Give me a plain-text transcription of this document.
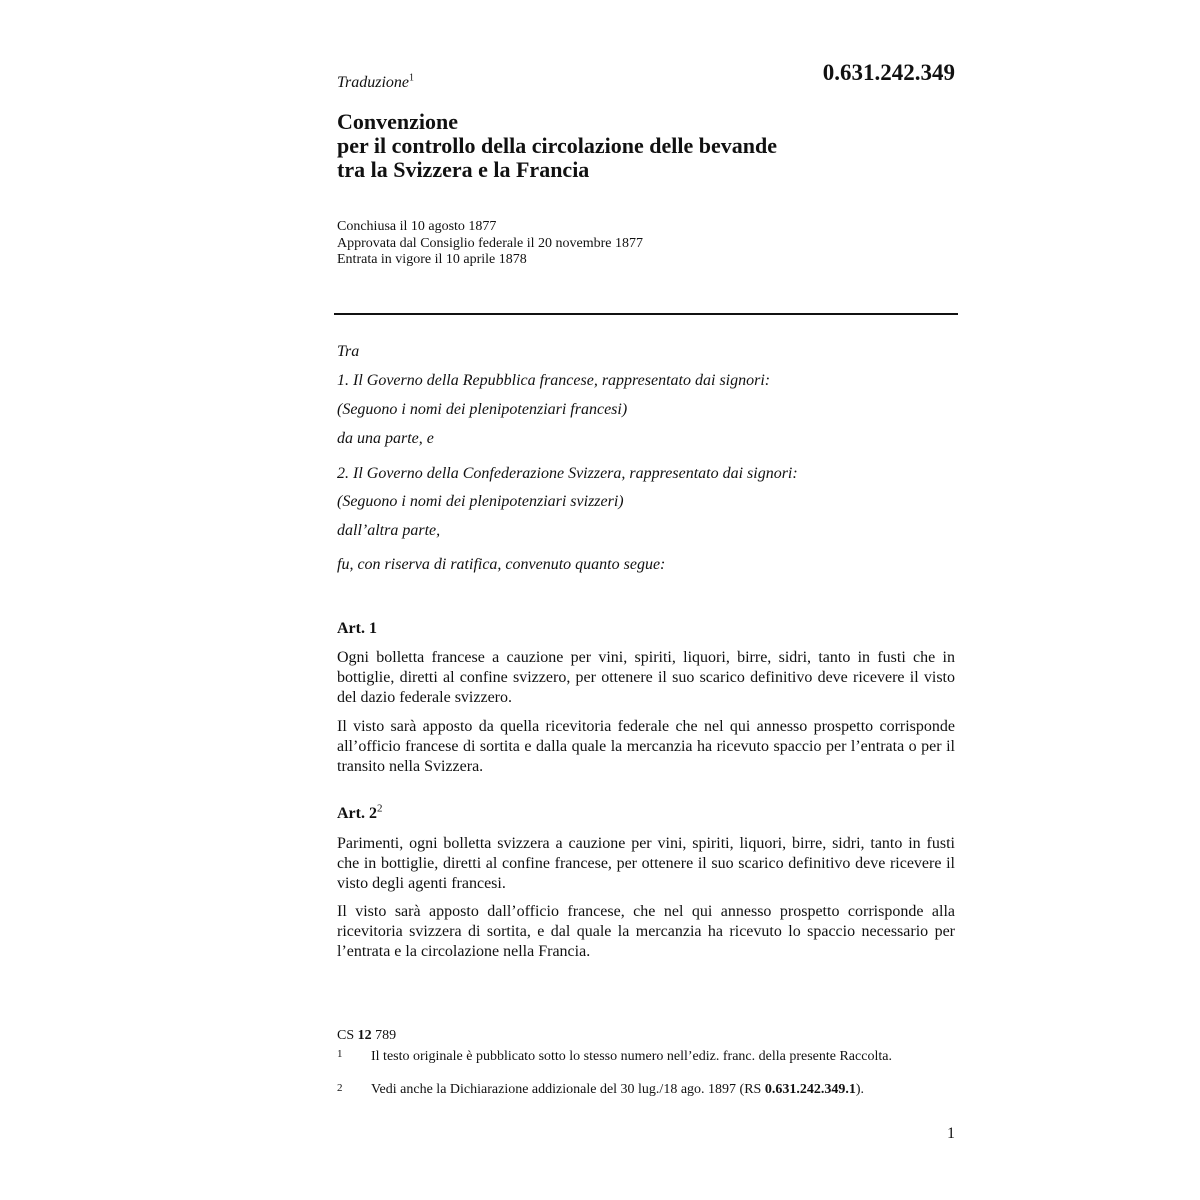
Traduzione$^1$	0.631.242.349
Convenzione
per il controllo della circolazione delle bevande
tra la Svizzera e la Francia
Conchiusa il 10 agosto 1877
Approvata dal Consiglio federale il 20 novembre 1877
Entrata in vigore il 10 aprile 1878
Tra
1. Il Governo della Repubblica francese, rappresentato dai signori:
(Seguono i nomi dei plenipotenziari francesi)
da una parte, e
2. Il Governo della Confederazione Svizzera, rappresentato dai signori:
(Seguono i nomi dei plenipotenziari svizzeri)
dall’altra parte,
fu, con riserva di ratifica, convenuto quanto segue:
Art. 1
Ogni bolletta francese a cauzione per vini, spiriti, liquori, birre, sidri, tanto in fusti che in bottiglie, diretti al confine svizzero, per ottenere il suo scarico definitivo deve ricevere il visto del dazio federale svizzero.
Il visto sarà apposto da quella ricevitoria federale che nel qui annesso prospetto corrisponde all’officio francese di sortita e dalla quale la mercanzia ha ricevuto spaccio per l’entrata o per il transito nella Svizzera.
Art. $2^2$
Parimenti, ogni bolletta svizzera a cauzione per vini, spiriti, liquori, birre, sidri, tanto in fusti che in bottiglie, diretti al confine francese, per ottenere il suo scarico definitivo deve ricevere il visto degli agenti francesi.
Il visto sarà apposto dall’officio francese, che nel qui annesso prospetto corrisponde alla ricevitoria svizzera di sortita, e dal quale la mercanzia ha ricevuto lo spaccio necessario per l’entrata e la circolazione nella Francia.
CS 12 789
1 Il testo originale è pubblicato sotto lo stesso numero nell’ediz. franc. della presente Raccolta.
2 Vedi anche la Dichiarazione addizionale del 30 lug./18 ago. 1897 (RS 0.631.242.349.1).
1
